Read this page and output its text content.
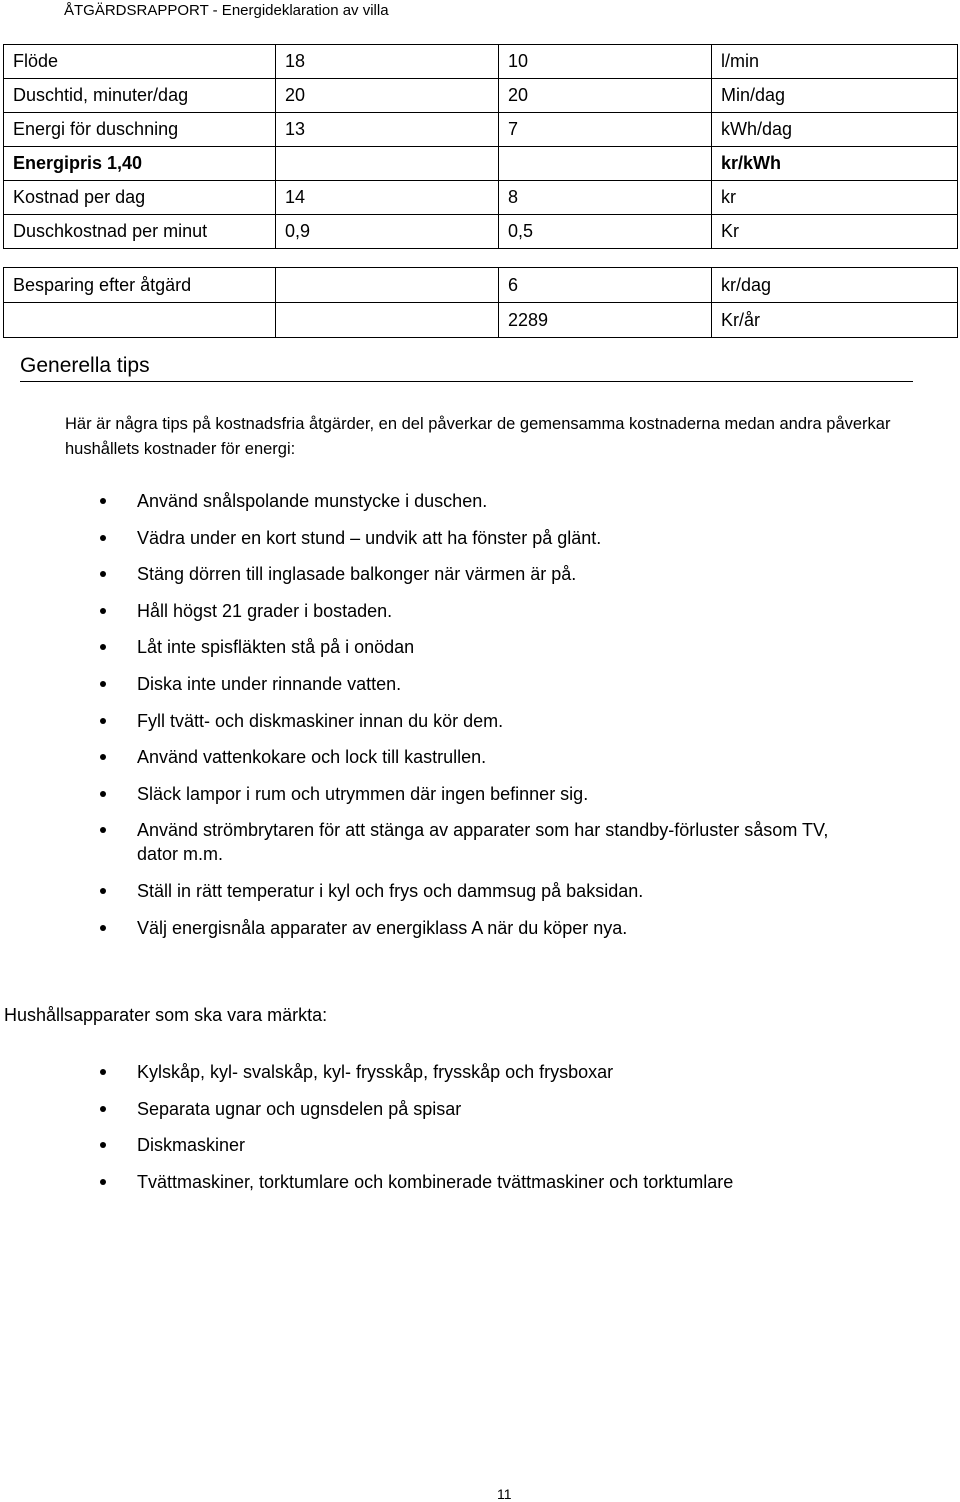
ÅTGÄRDSRAPPORT - Energideklaration av villa
Flöde	18	10	l/min
Duschtid, minuter/dag	20	20	Min/dag
Energi för duschning	13	7	kWh/dag
Energipris 1,40			kr/kWh
Kostnad per dag	14	8	kr
Duschkostnad per minut	0,9	0,5	Kr

Besparing efter åtgärd		6	kr/dag
		2289	Kr/år
Generella tips
Här är några tips på kostnadsfria åtgärder, en del påverkar de gemensamma kostnaderna medan andra påverkar hushållets kostnader för energi:
Använd snålspolande munstycke i duschen.
Vädra under en kort stund – undvik att ha fönster på glänt.
Stäng dörren till inglasade balkonger när värmen är på.
Håll högst 21 grader i bostaden.
Låt inte spisfläkten stå på i onödan
Diska inte under rinnande vatten.
Fyll tvätt- och diskmaskiner innan du kör dem.
Använd vattenkokare och lock till kastrullen.
Släck lampor i rum och utrymmen där ingen befinner sig.
Använd strömbrytaren för att stänga av apparater som har standby-förluster såsom TV, dator m.m.
Ställ in rätt temperatur i kyl och frys och dammsug på baksidan.
Välj energisnåla apparater av energiklass A när du köper nya.
Hushållsapparater som ska vara märkta:
Kylskåp, kyl- svalskåp, kyl- frysskåp, frysskåp och frysboxar
Separata ugnar och ugnsdelen på spisar
Diskmaskiner
Tvättmaskiner, torktumlare och kombinerade tvättmaskiner och torktumlare
11
